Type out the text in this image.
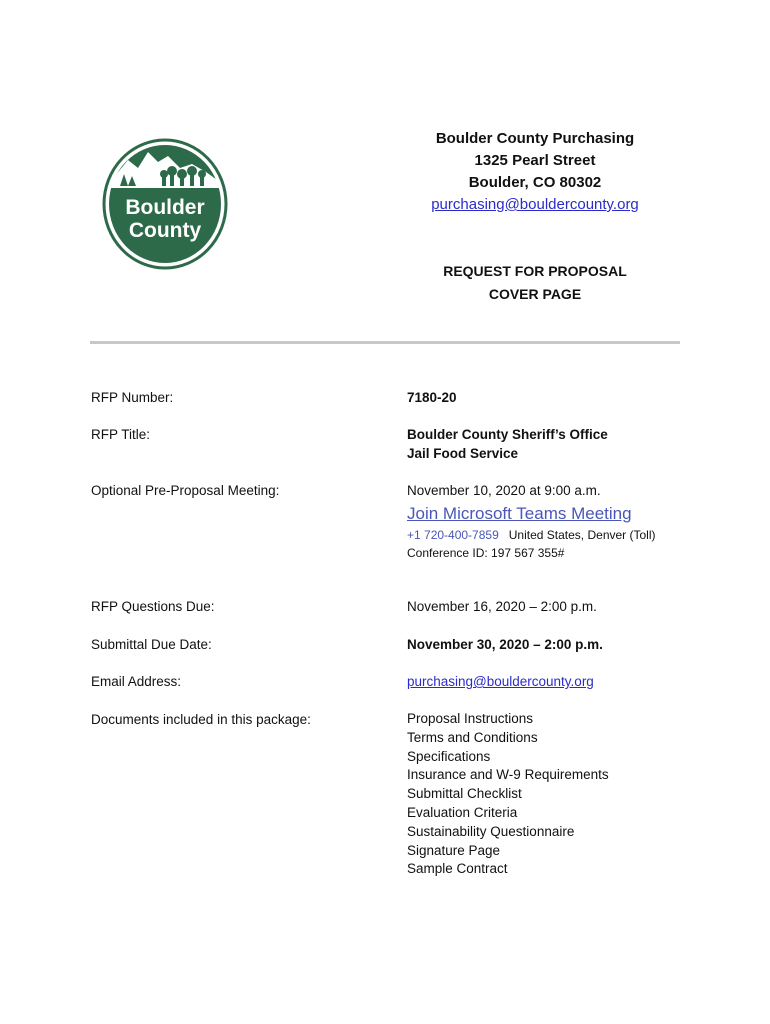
Boulder
County
Boulder County Purchasing
1325 Pearl Street
Boulder, CO 80302
purchasing@bouldercounty.org
REQUEST FOR PROPOSAL
COVER PAGE
RFP Number:	7180-20
RFP Title:	Boulder County Sheriff’s Office
Jail Food Service
Optional Pre-Proposal Meeting:	November 10, 2020 at 9:00 a.m.
Join Microsoft Teams Meeting
+1 720-400-7859 United States, Denver (Toll)
Conference ID: 197 567 355#
RFP Questions Due:	November 16, 2020 – 2:00 p.m.
Submittal Due Date:	November 30, 2020 – 2:00 p.m.
Email Address:	purchasing@bouldercounty.org
Documents included in this package:	Proposal Instructions
Terms and Conditions
Specifications
Insurance and W-9 Requirements
Submittal Checklist
Evaluation Criteria
Sustainability Questionnaire
Signature Page
Sample Contract
